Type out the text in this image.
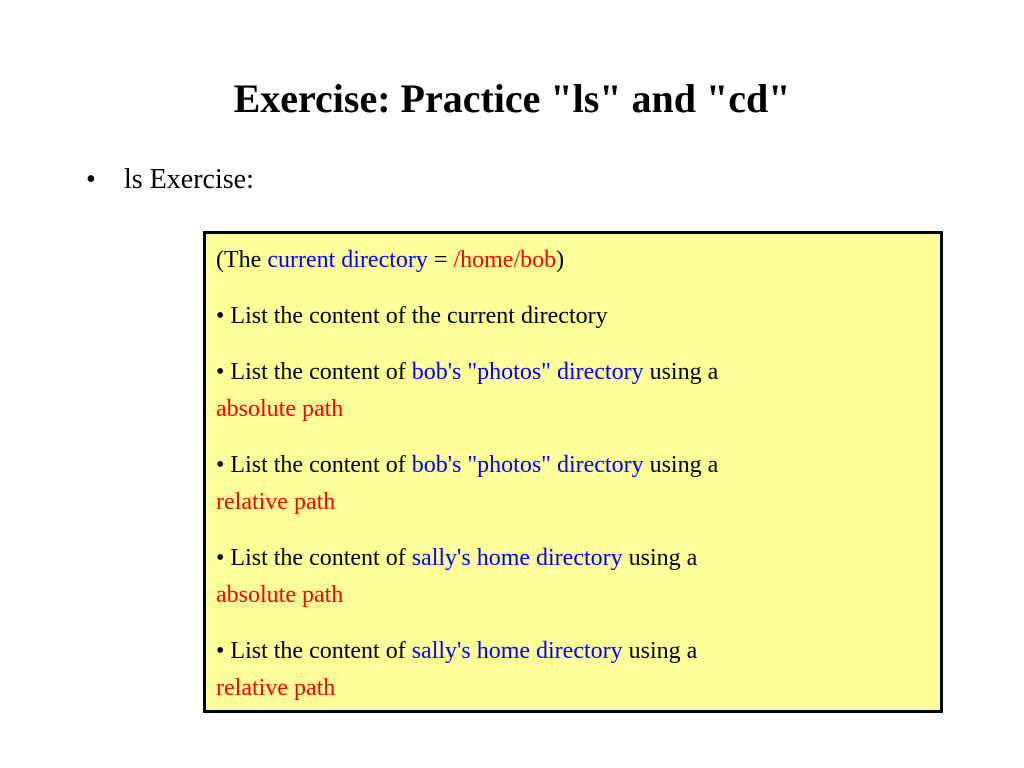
Exercise: Practice "ls" and "cd"
• ls Exercise:

(The current directory = /home/bob)

• List the content of the current directory

• List the content of bob's "photos" directory using a
absolute path

• List the content of bob's "photos" directory using a
relative path

• List the content of sally's home directory using a
absolute path

• List the content of sally's home directory using a
relative path
